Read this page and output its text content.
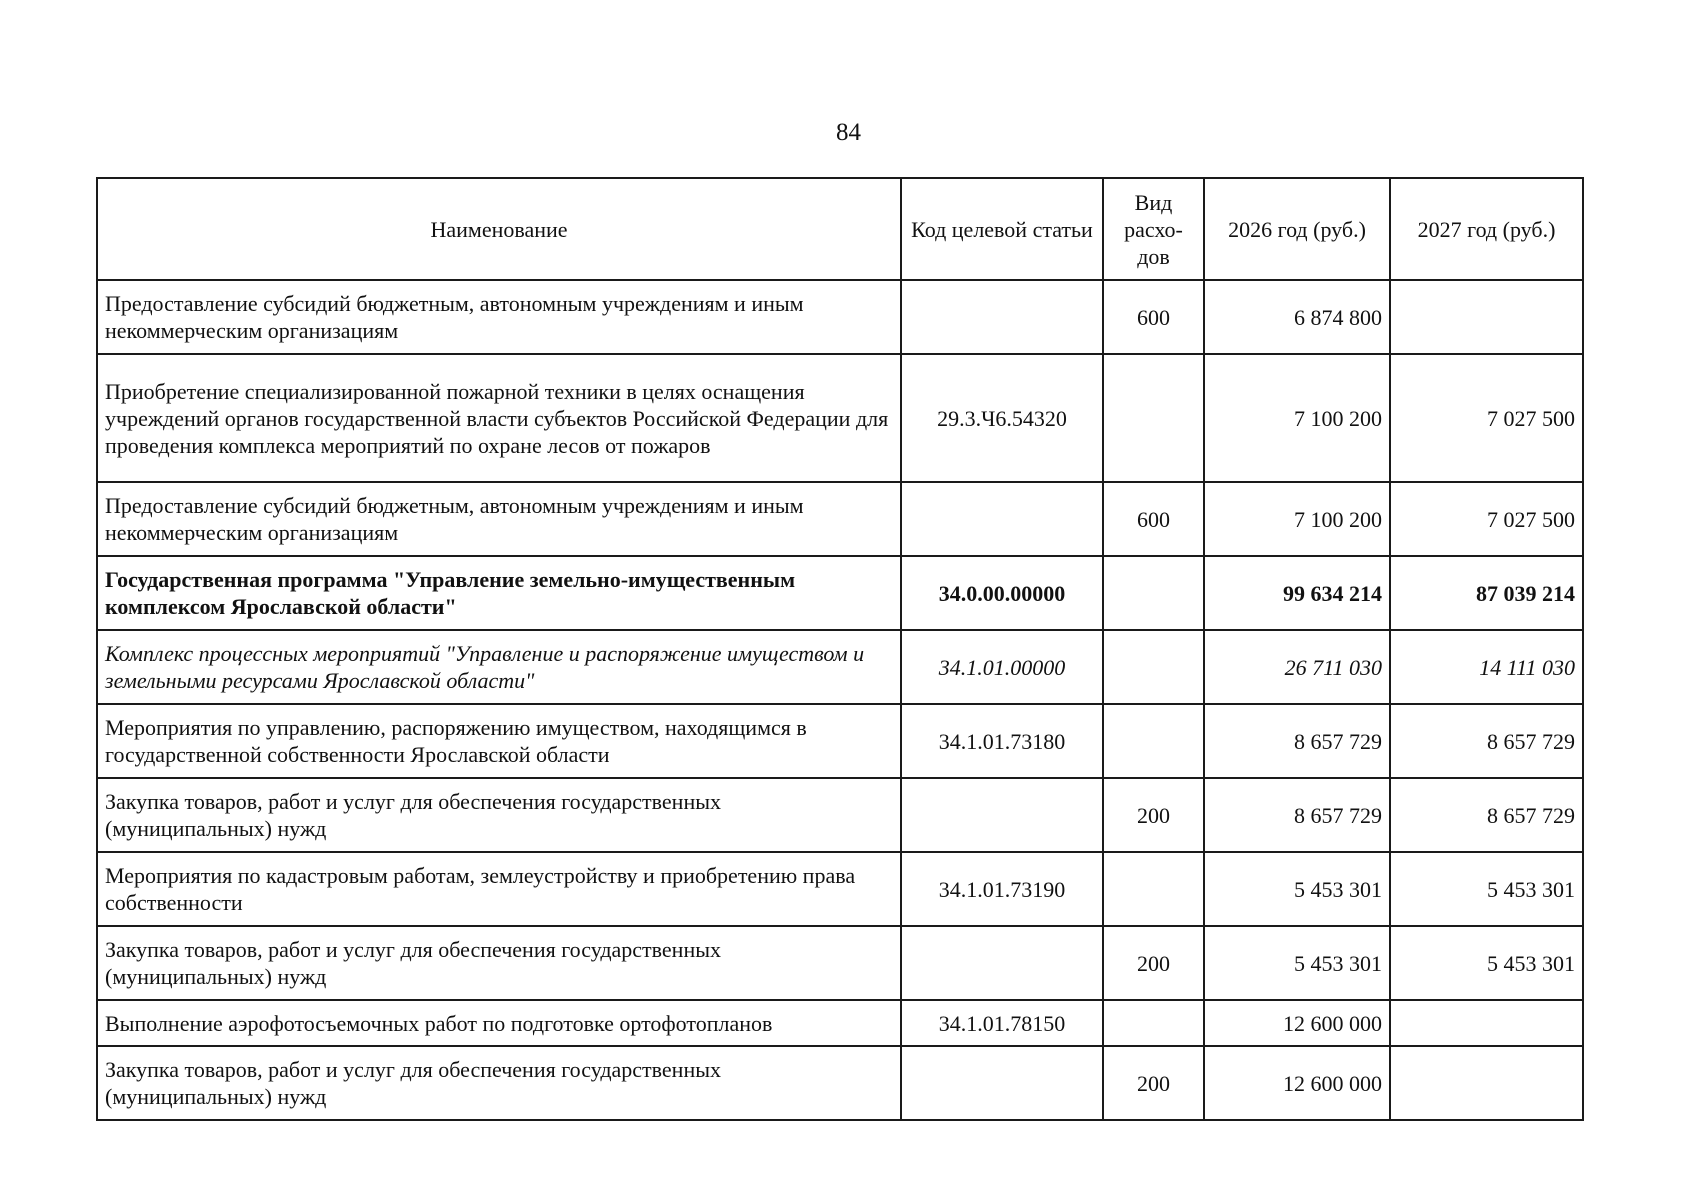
84
Наименование	Код целевой статьи	Вид расхо-дов	2026 год (руб.)	2027 год (руб.)
Предоставление субсидий бюджетным, автономным учреждениям и иным некоммерческим организациям		600	6 874 800	
Приобретение специализированной пожарной техники в целях оснащения учреждений органов государственной власти субъектов Российской Федерации для проведения комплекса мероприятий по охране лесов от пожаров	29.3.Ч6.54320		7 100 200	7 027 500
Предоставление субсидий бюджетным, автономным учреждениям и иным некоммерческим организациям		600	7 100 200	7 027 500
Государственная программа "Управление земельно-имущественным комплексом Ярославской области"	34.0.00.00000		99 634 214	87 039 214
Комплекс процессных мероприятий "Управление и распоряжение имуществом и земельными ресурсами Ярославской области"	34.1.01.00000		26 711 030	14 111 030
Мероприятия по управлению, распоряжению имуществом, находящимся в государственной собственности Ярославской области	34.1.01.73180		8 657 729	8 657 729
Закупка товаров, работ и услуг для обеспечения государственных (муниципальных) нужд		200	8 657 729	8 657 729
Мероприятия по кадастровым работам, землеустройству и приобретению права собственности	34.1.01.73190		5 453 301	5 453 301
Закупка товаров, работ и услуг для обеспечения государственных (муниципальных) нужд		200	5 453 301	5 453 301
Выполнение аэрофотосъемочных работ по подготовке ортофотопланов	34.1.01.78150		12 600 000	
Закупка товаров, работ и услуг для обеспечения государственных (муниципальных) нужд		200	12 600 000	
